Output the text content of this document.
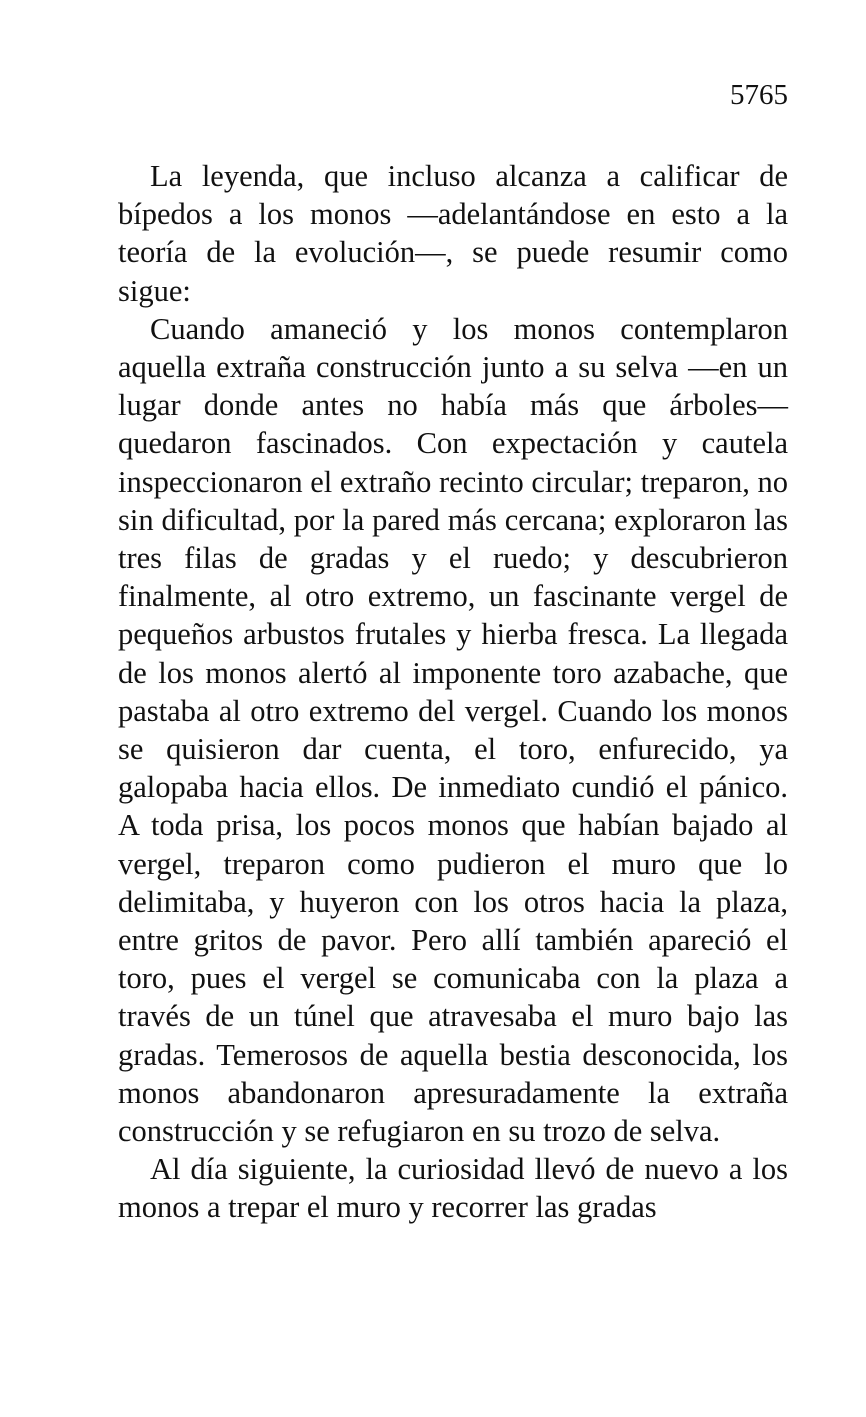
5765

La leyenda, que incluso alcanza a calificar de bípedos a los monos —adelantándose en esto a la teoría de la evolución—, se puede resumir como sigue:

Cuando amaneció y los monos contemplaron aquella extraña construcción junto a su selva —en un lugar donde antes no había más que árboles— quedaron fascinados. Con expectación y cautela inspeccionaron el extraño recinto circular; treparon, no sin dificultad, por la pared más cercana; exploraron las tres filas de gradas y el ruedo; y descubrieron finalmente, al otro extremo, un fascinante vergel de pequeños arbustos frutales y hierba fresca. La llegada de los monos alertó al imponente toro azabache, que pastaba al otro extremo del vergel. Cuando los monos se quisieron dar cuenta, el toro, enfurecido, ya galopaba hacia ellos. De inmediato cundió el pánico. A toda prisa, los pocos monos que habían bajado al vergel, treparon como pudieron el muro que lo delimitaba, y huyeron con los otros hacia la plaza, entre gritos de pavor. Pero allí también apareció el toro, pues el vergel se comunicaba con la plaza a través de un túnel que atravesaba el muro bajo las gradas. Temerosos de aquella bestia desconocida, los monos abandonaron apresuradamente la extraña construcción y se refugiaron en su trozo de selva.

Al día siguiente, la curiosidad llevó de nuevo a los monos a trepar el muro y recorrer las gradas
